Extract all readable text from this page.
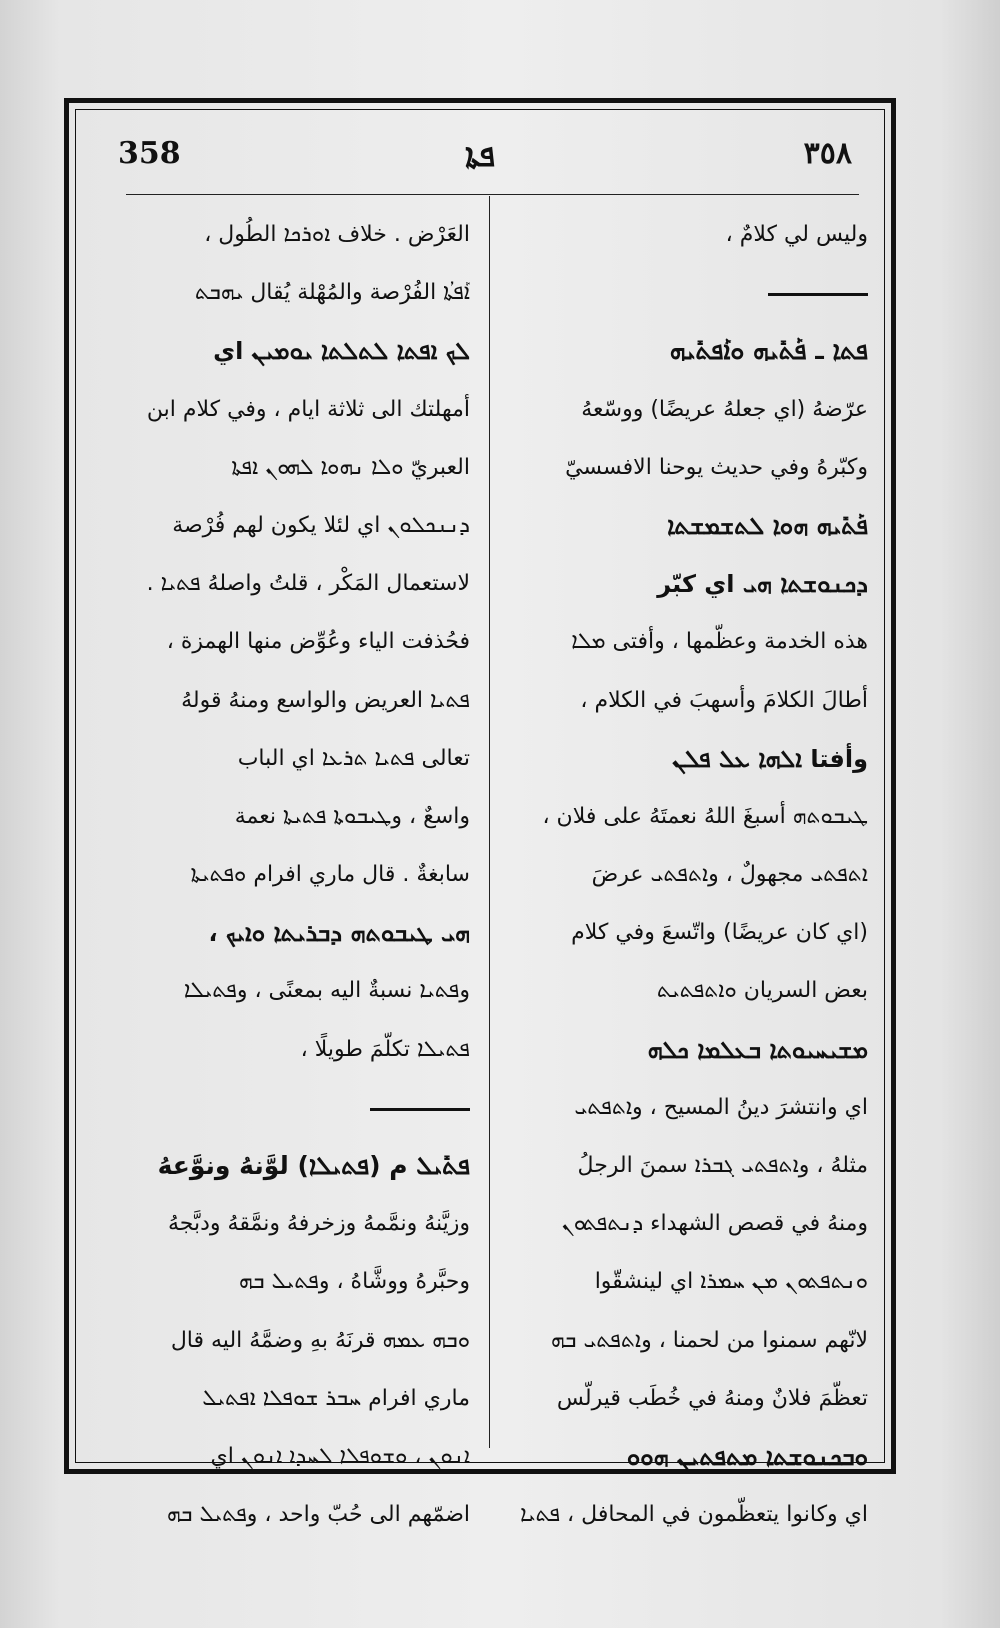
358	ܦܬܐ	٣٥٨
وليس لي كلامٌ ،
ܦܬܐ ـ ܦܰܬܺܝܗ ܘܐܰܦܬܺܝܗ
عرّضهُ (اي جعلهُ عريضًا) ووسّعهُ
وكبّرهُ وفي حديث يوحنا الافسسيّ
ܦܰܬܺܝܗ ܗܘܐ ܠܬܫܡܫܬܐ
ܕܟܢܘܫܬܐ ܗܝ اي كبّر
هذه الخدمة وعظّمها ، وأفتى ܡܠܐ
أطالَ الكلامَ وأسهبَ في الكلام ،
وأفتا ܐܠܗܐ ܥܠ ܦܠܢ
ܛܝܒܘܬܗ أسبغَ اللهُ نعمتَهُ على فلان ،
ܐܬܦܬܝ مجهولٌ ، وܐܬܦܬܝ عرضَ
(اي كان عريضًا) واتّسعَ وفي كلام
بعض السريان ܘܐܬܦܬܝܬ
ܡܫܝܚܝܘܬܐ ܒܥܠܡܐ ܟܠܗ
اي وانتشرَ دينُ المسيح ، وܐܬܦܬܝ
مثلهُ ، وܐܬܦܬܝ ܓܒܪܐ سمنَ الرجلُ
ومنهُ في قصص الشهداء ܕܢܬܦܬܘܢ
ܘܢܬܦܬܘܢ ܡܢ ܚܡܪܐ اي لينشقّوا
لانّهم سمنوا من لحمنا ، وܐܬܦܬܝ ܒܗ
تعظّمَ فلانٌ ومنهُ في خُطَب قيرلّس
ܘܒܟܢܘܫܬܐ ܡܬܦܬܝܢ ܗܘܘ
اي وكانوا يتعظّمون في المحافل ، ܦܬܝܐ
العَرْض . خلاف ܐܘܪܟܐ الطُول ،
ܐܰܦܬܳܐ الفُرْصة والمُهْلة يُقال ܝܗܒܬ
ܠܟ ܐܦܬܐ ܠܬܠܬܐ ܝܘܡܝܢ اي
أمهلتك الى ثلاثة ايام ، وفي كلام ابن
العبريّ ܘܠܐ ܢܗܘܐ ܠܗܘܢ ܐܦܬܐ
ܕܢܢܟܠܘܢ اي لئلا يكون لهم فُرْصة
لاستعمال المَكْر ، قلتُ واصلهُ ܦܬܝܐ .
فحُذفت الياء وعُوِّض منها الهمزة ،
ܦܬܝܐ العريض والواسع ومنهُ قولهُ
تعالى ܦܬܝܐ ܬܪܥܐ اي الباب
واسعٌ ، وܛܝܒܘܬܐ ܦܬܝܬܐ نعمة
سابغةٌ . قال ماري افرام ܘܦܬܝܬܐ
ܗܝ ܛܝܒܘܬܗ ܕܒܪܝܬܐ ܘܐܝܟ ،
وܦܬܝܐ نسبةٌ اليه بمعنًى ، وܦܬܝܠܐ
ܦܬܝܠܐ تكلّمَ طويلًا ،
ܦܬܺܝܠ م (ܦܬܝܠܐ) لوَّنهُ ونوَّعهُ
وزيَّنهُ ونمَّمهُ وزخرفهُ ونمَّقهُ ودبَّجهُ
وحبَّرهُ ووشَّاهُ ، وܦܬܝܠ ܒܗ
ܘܒܗ ܥܡܗ قرنَهُ بهِ وضمَّهُ اليه قال
ماري افرام ܚܒܪ ܫܘܦܠܐ ܐܦܬܝܠ
ܐܢܘܢ ، ܘܫܘܦܠܐ ܠܚܕܐ ܐܢܘܢ اي
اضمّهم الى حُبّ واحد ، وܦܬܝܠ ܒܗ
